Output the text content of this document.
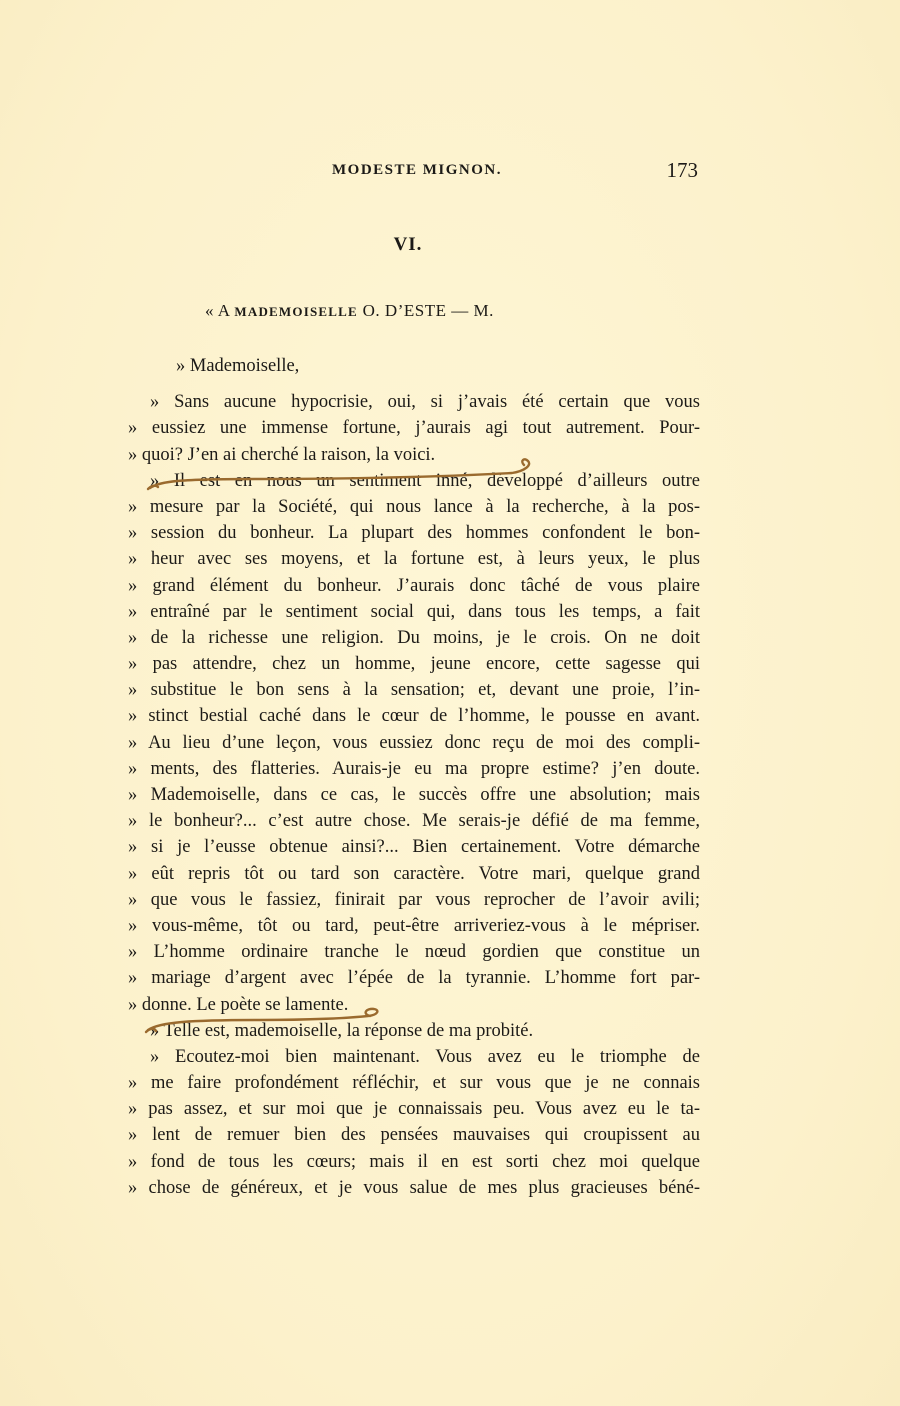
MODESTE MIGNON.	173
VI.
« A MADEMOISELLE O. D’ESTE — M.
» Mademoiselle,
» Sans aucune hypocrisie, oui, si j’avais été certain que vous
» eussiez une immense fortune, j’aurais agi tout autrement. Pour-
» quoi? J’en ai cherché la raison, la voici.
» Il est en nous un sentiment inné, développé d’ailleurs outre
» mesure par la Société, qui nous lance à la recherche, à la pos-
» session du bonheur. La plupart des hommes confondent le bon-
» heur avec ses moyens, et la fortune est, à leurs yeux, le plus
» grand élément du bonheur. J’aurais donc tâché de vous plaire
» entraîné par le sentiment social qui, dans tous les temps, a fait
» de la richesse une religion. Du moins, je le crois. On ne doit
» pas attendre, chez un homme, jeune encore, cette sagesse qui
» substitue le bon sens à la sensation; et, devant une proie, l’in-
» stinct bestial caché dans le cœur de l’homme, le pousse en avant.
» Au lieu d’une leçon, vous eussiez donc reçu de moi des compli-
» ments, des flatteries. Aurais-je eu ma propre estime? j’en doute.
» Mademoiselle, dans ce cas, le succès offre une absolution; mais
» le bonheur?... c’est autre chose. Me serais-je défié de ma femme,
» si je l’eusse obtenue ainsi?... Bien certainement. Votre démarche
» eût repris tôt ou tard son caractère. Votre mari, quelque grand
» que vous le fassiez, finirait par vous reprocher de l’avoir avili;
» vous-même, tôt ou tard, peut-être arriveriez-vous à le mépriser.
» L’homme ordinaire tranche le nœud gordien que constitue un
» mariage d’argent avec l’épée de la tyrannie. L’homme fort par-
» donne. Le poète se lamente.
» Telle est, mademoiselle, la réponse de ma probité.
» Ecoutez-moi bien maintenant. Vous avez eu le triomphe de
» me faire profondément réfléchir, et sur vous que je ne connais
» pas assez, et sur moi que je connaissais peu. Vous avez eu le ta-
» lent de remuer bien des pensées mauvaises qui croupissent au
» fond de tous les cœurs; mais il en est sorti chez moi quelque
» chose de généreux, et je vous salue de mes plus gracieuses béné-
